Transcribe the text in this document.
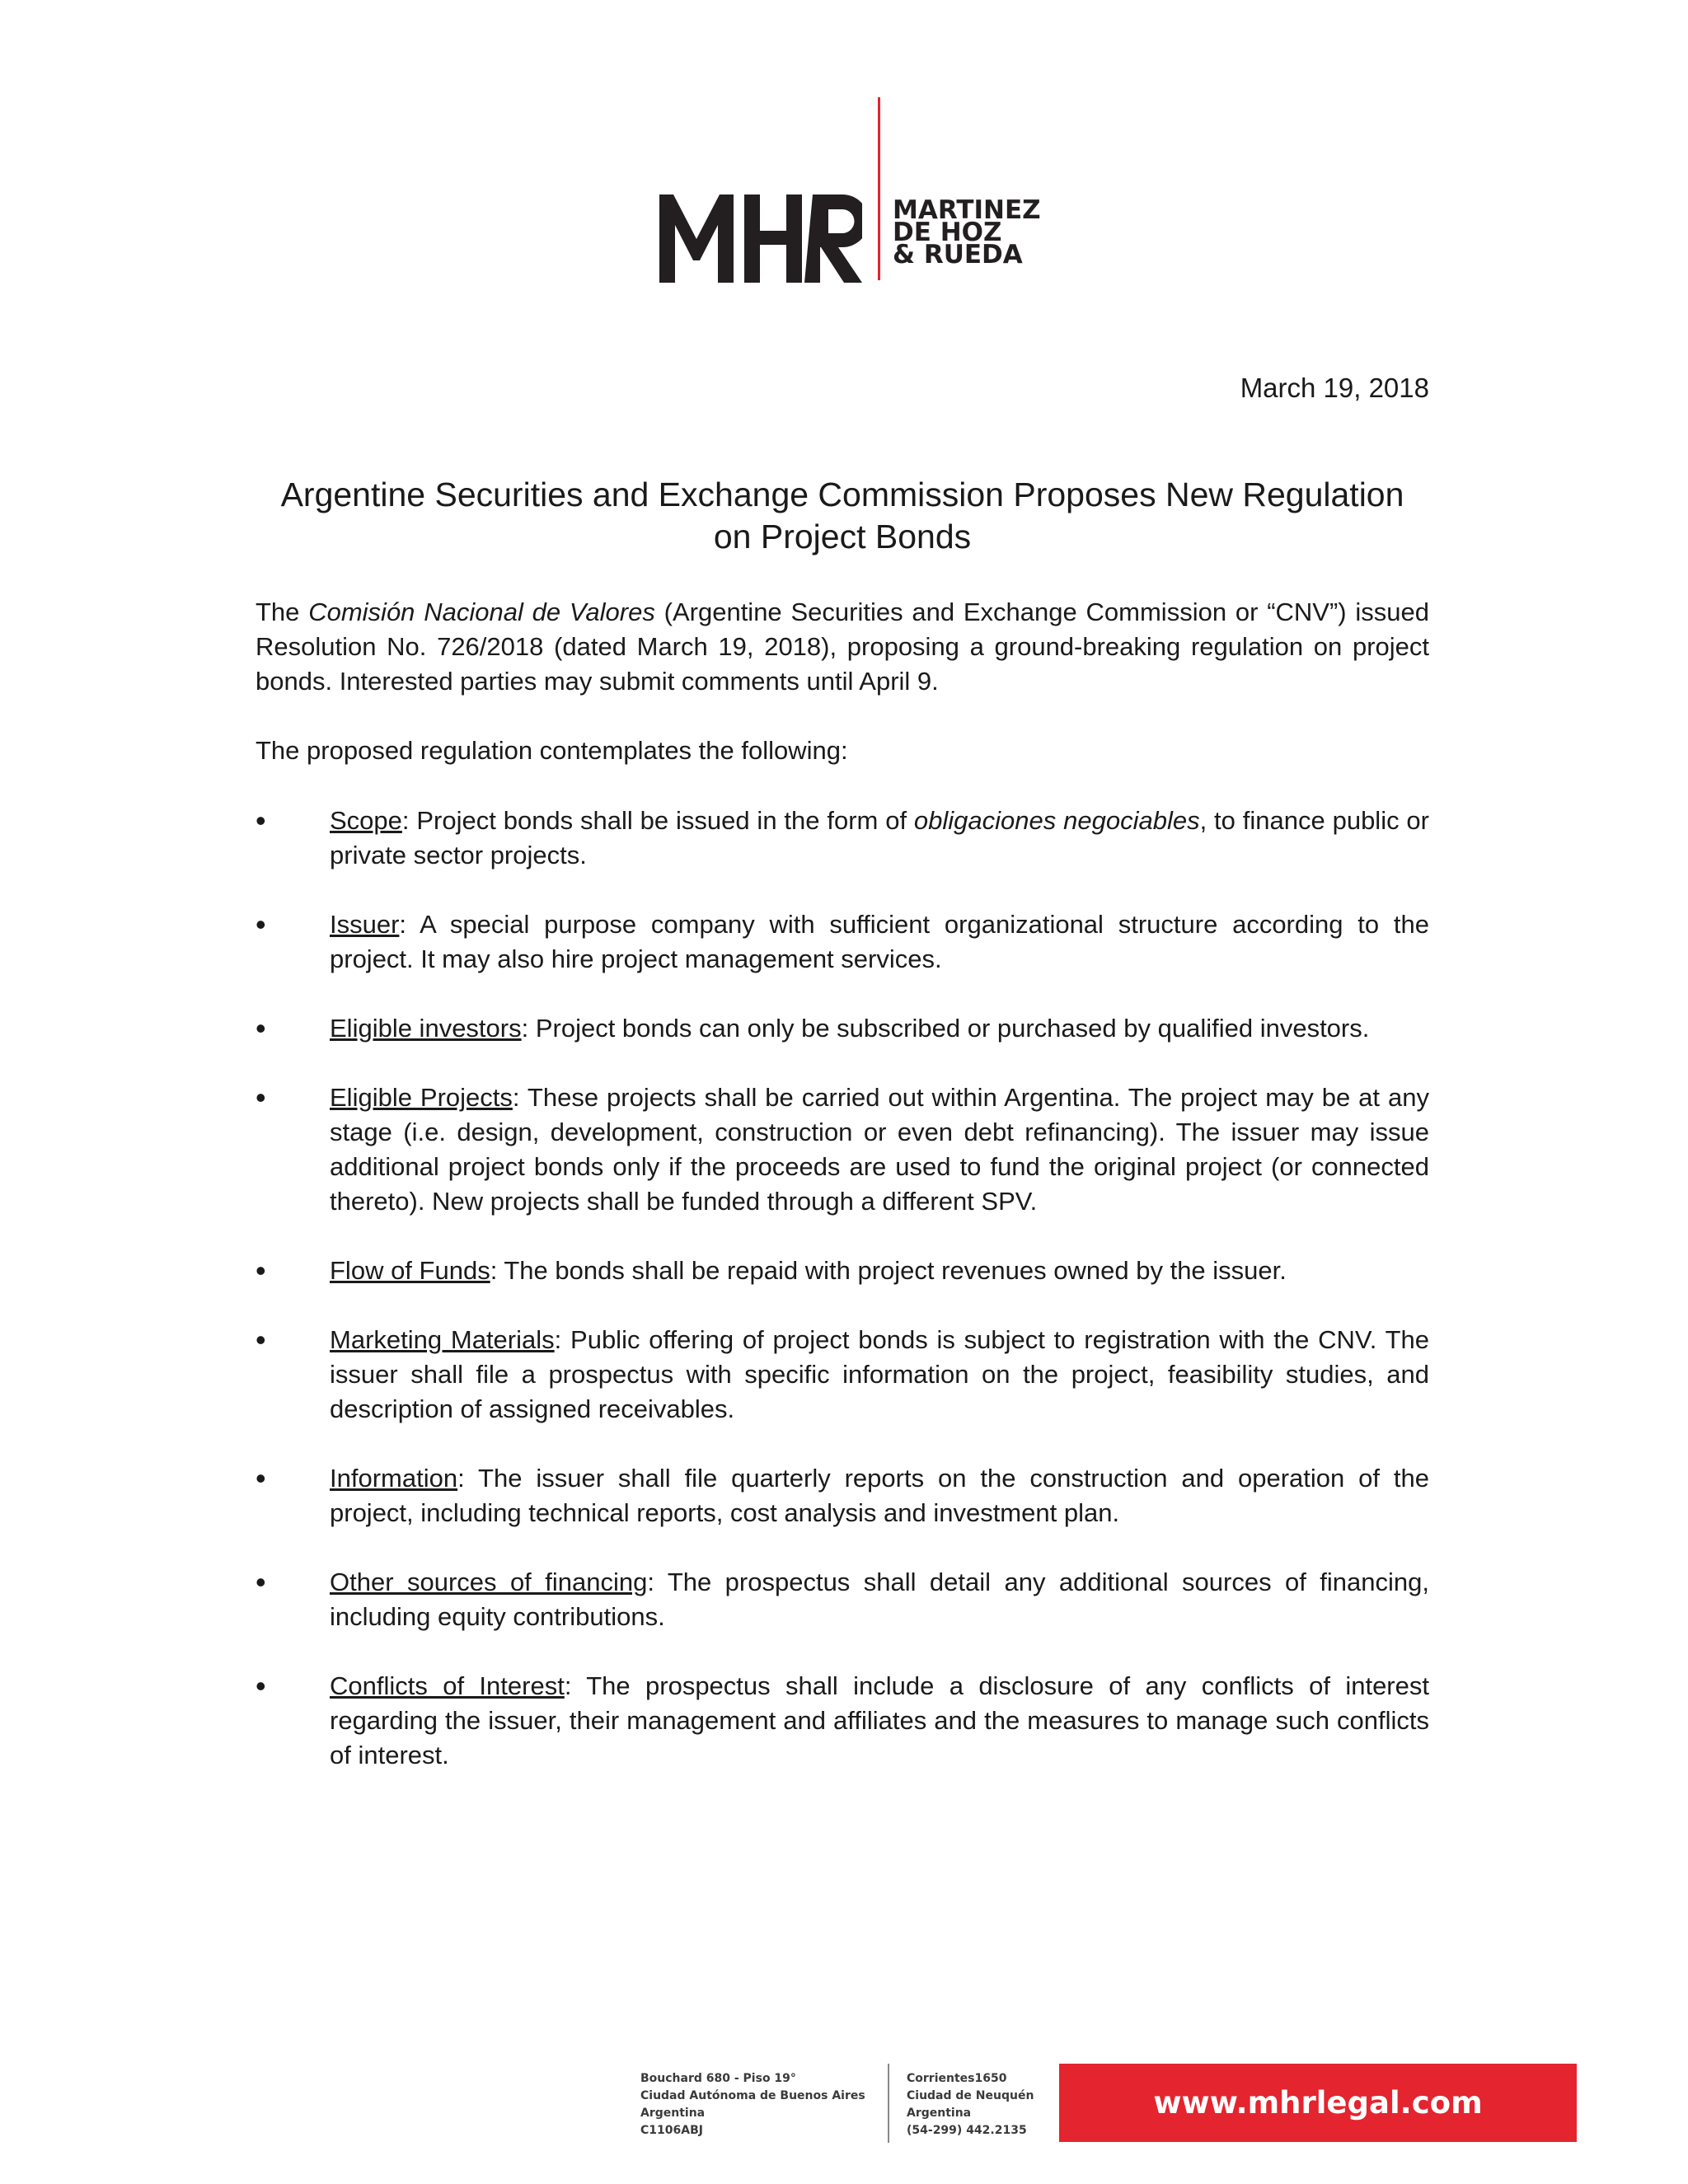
MARTINEZ
DE HOZ
& RUEDA
March 19, 2018
Argentine Securities and Exchange Commission Proposes New Regulation
on Project Bonds
The Comisión Nacional de Valores (Argentine Securities and Exchange Commission or “CNV”) issued Resolution No. 726/2018 (dated March 19, 2018), proposing a ground-breaking regulation on project bonds. Interested parties may submit comments until April 9.
The proposed regulation contemplates the following:
• Scope: Project bonds shall be issued in the form of obligaciones negociables, to finance public or private sector projects.
• Issuer: A special purpose company with sufficient organizational structure according to the project. It may also hire project management services.
• Eligible investors: Project bonds can only be subscribed or purchased by qualified investors.
• Eligible Projects: These projects shall be carried out within Argentina. The project may be at any stage (i.e. design, development, construction or even debt refinancing). The issuer may issue additional project bonds only if the proceeds are used to fund the original project (or connected thereto). New projects shall be funded through a different SPV.
• Flow of Funds: The bonds shall be repaid with project revenues owned by the issuer.
• Marketing Materials: Public offering of project bonds is subject to registration with the CNV. The issuer shall file a prospectus with specific information on the project, feasibility studies, and description of assigned receivables.
• Information: The issuer shall file quarterly reports on the construction and operation of the project, including technical reports, cost analysis and investment plan.
• Other sources of financing: The prospectus shall detail any additional sources of financing, including equity contributions.
• Conflicts of Interest: The prospectus shall include a disclosure of any conflicts of interest regarding the issuer, their management and affiliates and the measures to manage such conflicts of interest.
Bouchard 680 - Piso 19°
Ciudad Autónoma de Buenos Aires
Argentina
C1106ABJ
Corrientes1650
Ciudad de Neuquén
Argentina
(54-299) 442.2135
www.mhrlegal.com
